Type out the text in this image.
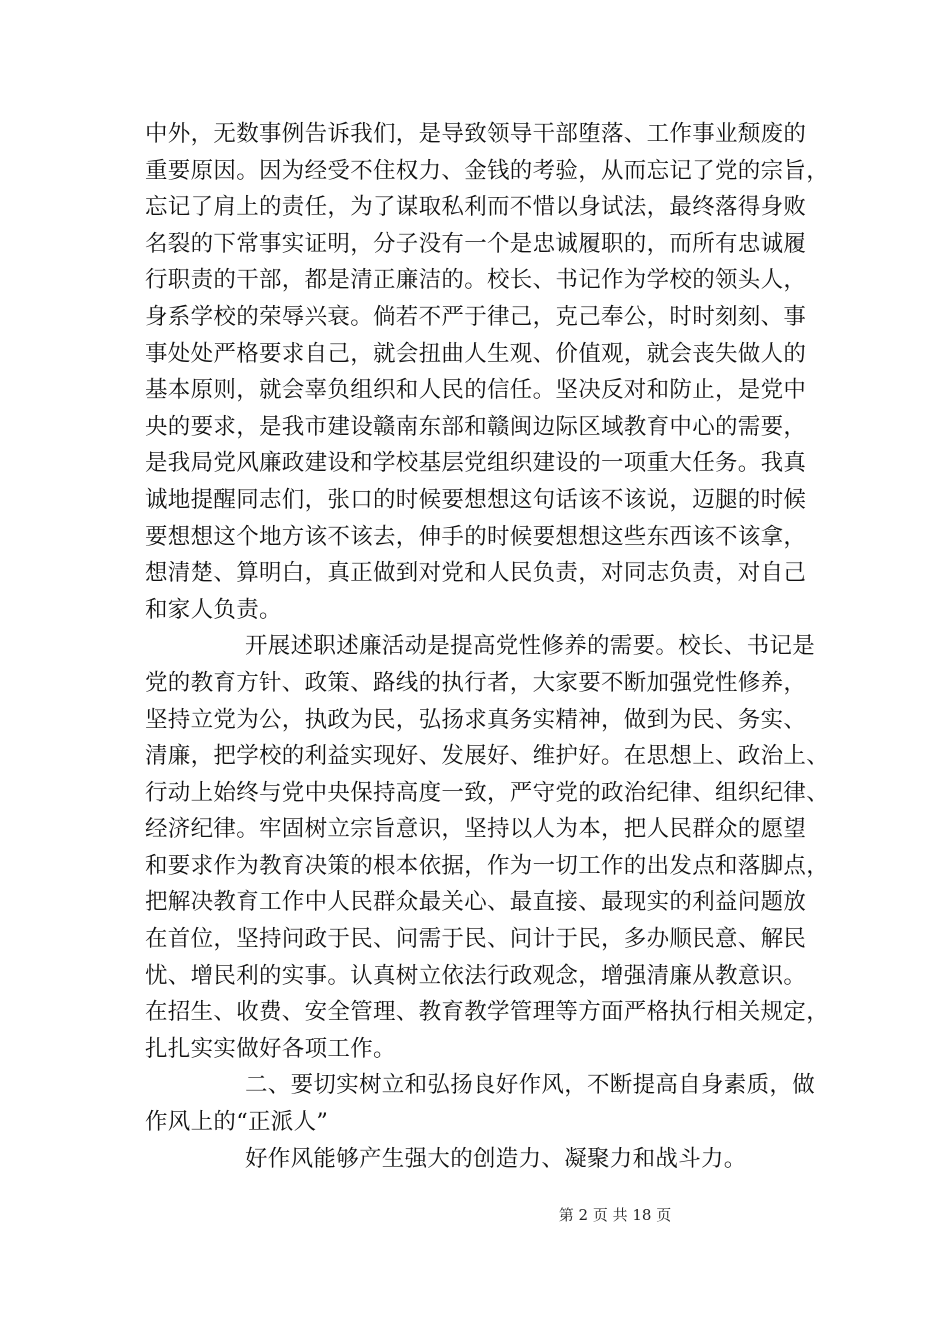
中外，无数事例告诉我们，是导致领导干部堕落、工作事业颓废的
重要原因。因为经受不住权力、金钱的考验，从而忘记了党的宗旨，
忘记了肩上的责任，为了谋取私利而不惜以身试法，最终落得身败
名裂的下常事实证明，分子没有一个是忠诚履职的，而所有忠诚履
行职责的干部，都是清正廉洁的。校长、书记作为学校的领头人，
身系学校的荣辱兴衰。倘若不严于律己，克己奉公，时时刻刻、事
事处处严格要求自己，就会扭曲人生观、价值观，就会丧失做人的
基本原则，就会辜负组织和人民的信任。坚决反对和防止，是党中
央的要求，是我市建设赣南东部和赣闽边际区域教育中心的需要，
是我局党风廉政建设和学校基层党组织建设的一项重大任务。我真
诚地提醒同志们，张口的时候要想想这句话该不该说，迈腿的时候
要想想这个地方该不该去，伸手的时候要想想这些东西该不该拿，
想清楚、算明白，真正做到对党和人民负责，对同志负责，对自己
和家人负责。
开展述职述廉活动是提高党性修养的需要。校长、书记是
党的教育方针、政策、路线的执行者，大家要不断加强党性修养，
坚持立党为公，执政为民，弘扬求真务实精神，做到为民、务实、
清廉，把学校的利益实现好、发展好、维护好。在思想上、政治上、
行动上始终与党中央保持高度一致，严守党的政治纪律、组织纪律、
经济纪律。牢固树立宗旨意识，坚持以人为本，把人民群众的愿望
和要求作为教育决策的根本依据，作为一切工作的出发点和落脚点，
把解决教育工作中人民群众最关心、最直接、最现实的利益问题放
在首位，坚持问政于民、问需于民、问计于民，多办顺民意、解民
忧、增民利的实事。认真树立依法行政观念，增强清廉从教意识。
在招生、收费、安全管理、教育教学管理等方面严格执行相关规定，
扎扎实实做好各项工作。
二、要切实树立和弘扬良好作风，不断提高自身素质，做
作风上的“正派人”
好作风能够产生强大的创造力、凝聚力和战斗力。
第 2 页 共 18 页
